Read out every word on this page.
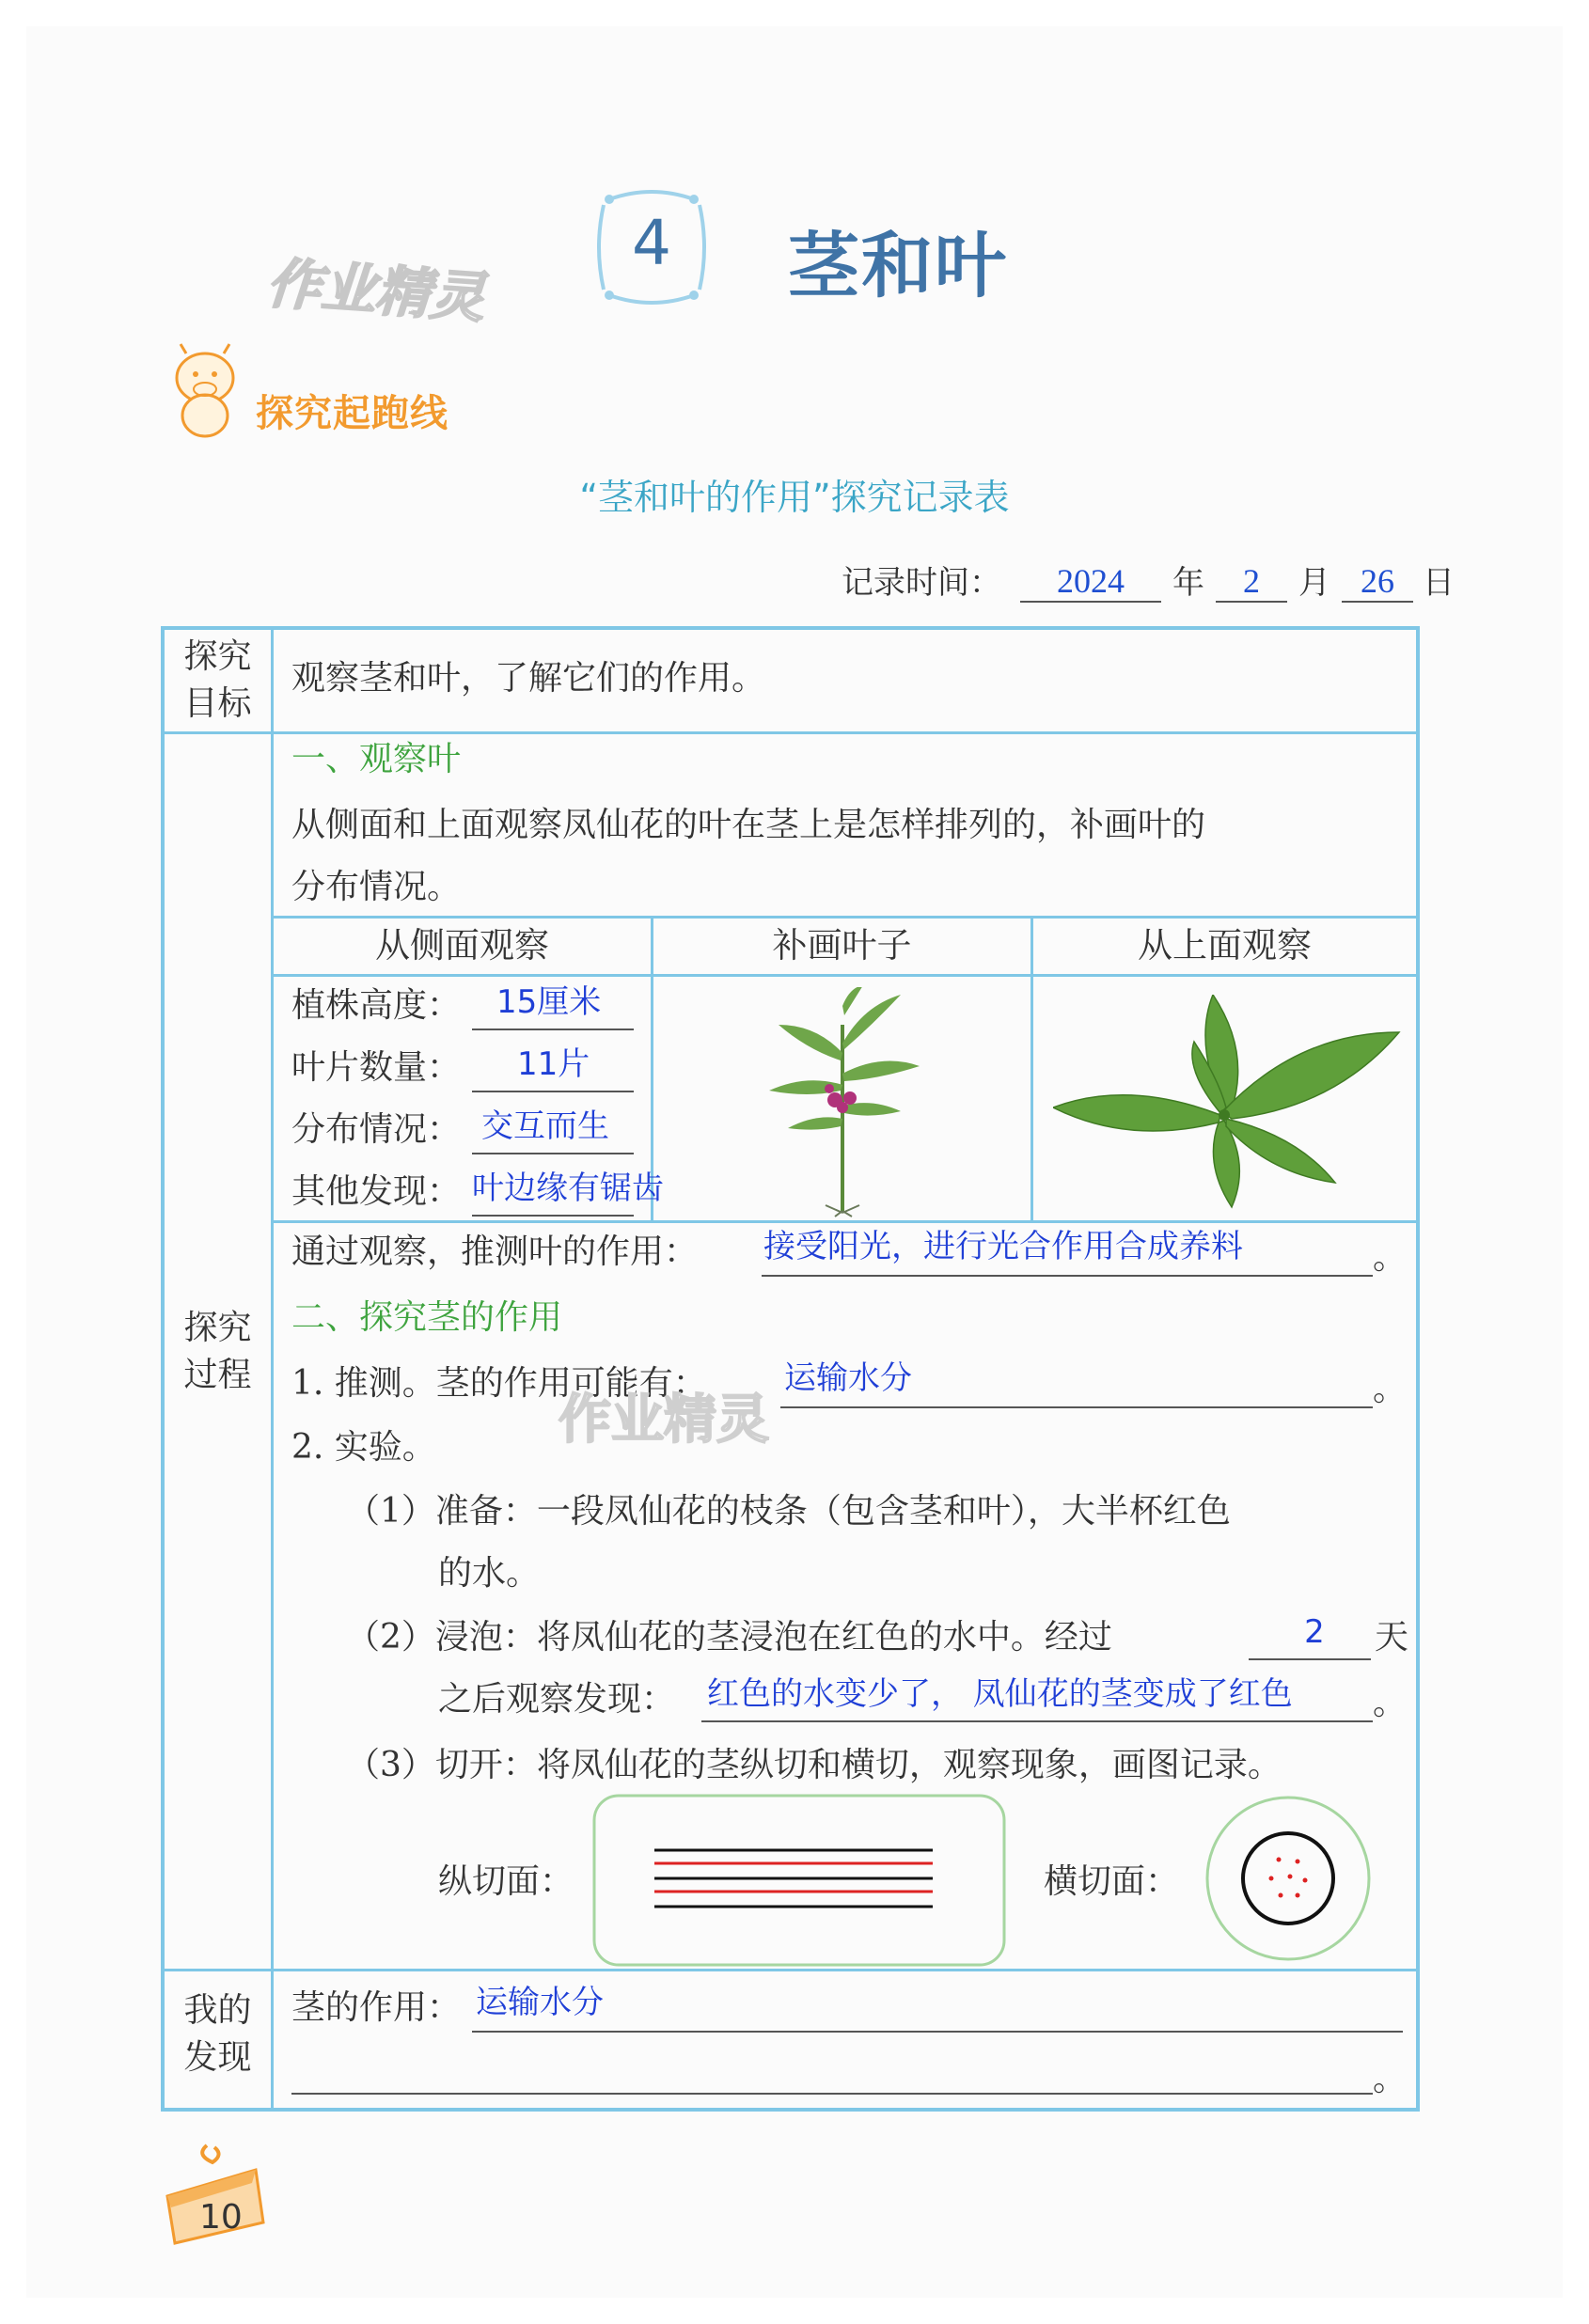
4	茎和叶
作业精灵
探究起跑线
“茎和叶的作用”探究记录表
记录时间：	2024	年	2	月 26 日
探究
目标
观察茎和叶，了解它们的作用。
探究
过程
一、观察叶
从侧面和上面观察凤仙花的叶在茎上是怎样排列的，补画叶的
分布情况。
从侧面观察	补画叶子	从上面观察
植株高度： 15厘米
叶片数量： 11片
分布情况： 交互而生
其他发现： 叶边缘有锯齿
通过观察，推测叶的作用： 接受阳光，进行光合作用合成养料	。
二、探究茎的作用
1. 推测。茎的作用可能有： 运输水分	。
作业精灵
2. 实验。
（1）准备：一段凤仙花的枝条（包含茎和叶），大半杯红色
的水。
（2）浸泡：将凤仙花的茎浸泡在红色的水中。经过	2	天
之后观察发现： 红色的水变少了， 凤仙花的茎变成了红色 。
（3）切开：将凤仙花的茎纵切和横切，观察现象，画图记录。
纵切面：	横切面：
我的
发现
茎的作用： 运输水分
。
10
